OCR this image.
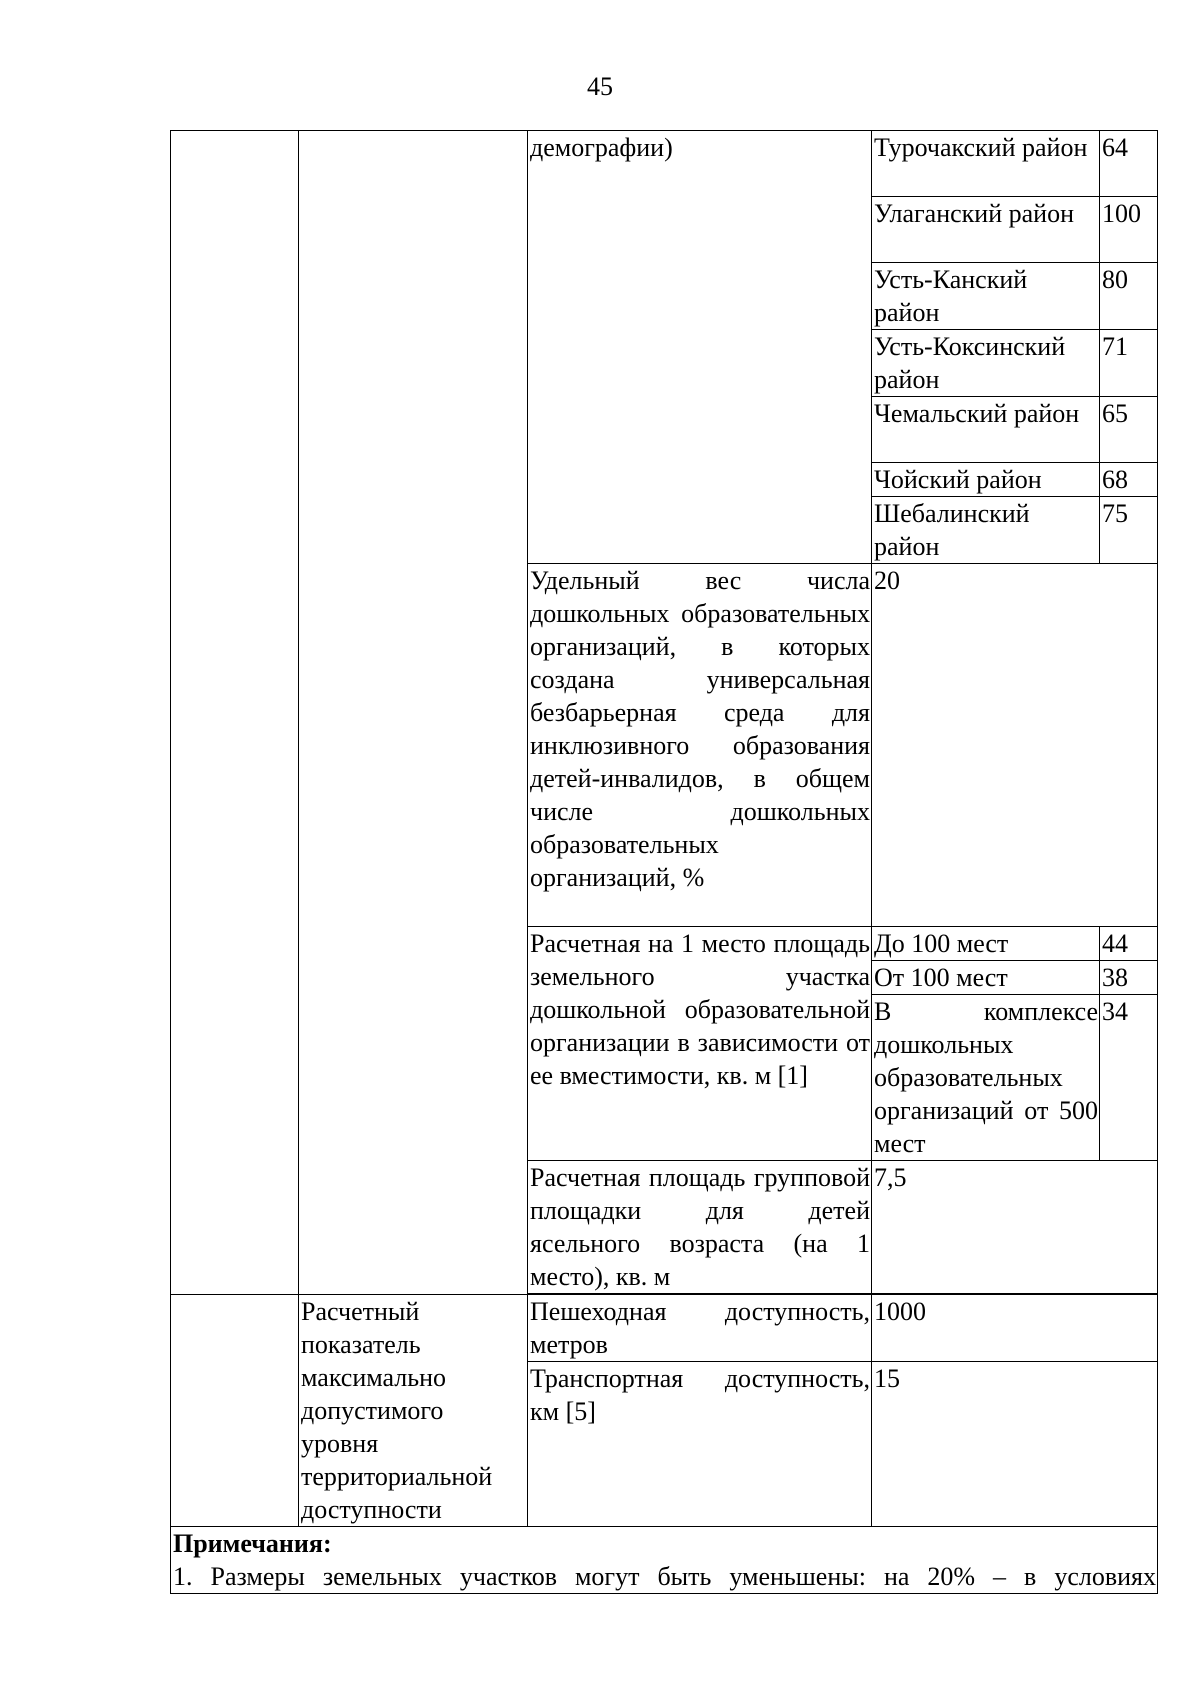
45
		демографии)	Турочакский район	64
			Улаганский район	100
			Усть-Канский район	80
			Усть-Коксинский район	71
			Чемальский район	65
			Чойский район	68
			Шебалинский район	75
		Удельный вес числа дошкольных образовательных организаций, в которых создана универсальная безбарьерная среда для инклюзивного образования детей-инвалидов, в общем числе дошкольных образовательных организаций, %	20	
		Расчетная на 1 место площадь земельного участка дошкольной образовательной организации в зависимости от ее вместимости, кв. м [1]	До 100 мест	44
			От 100 мест	38
			В комплексе дошкольных образовательных организаций от 500 мест	34
		Расчетная площадь групповой площадки для детей ясельного возраста (на 1 место), кв. м	7,5	

	Расчетный показатель максимально допустимого уровня территориальной доступности	Пешеходная доступность, метров	1000	
		Транспортная доступность, км [5]	15	

Примечания:
1. Размеры земельных участков могут быть уменьшены: на 20% – в условиях				
